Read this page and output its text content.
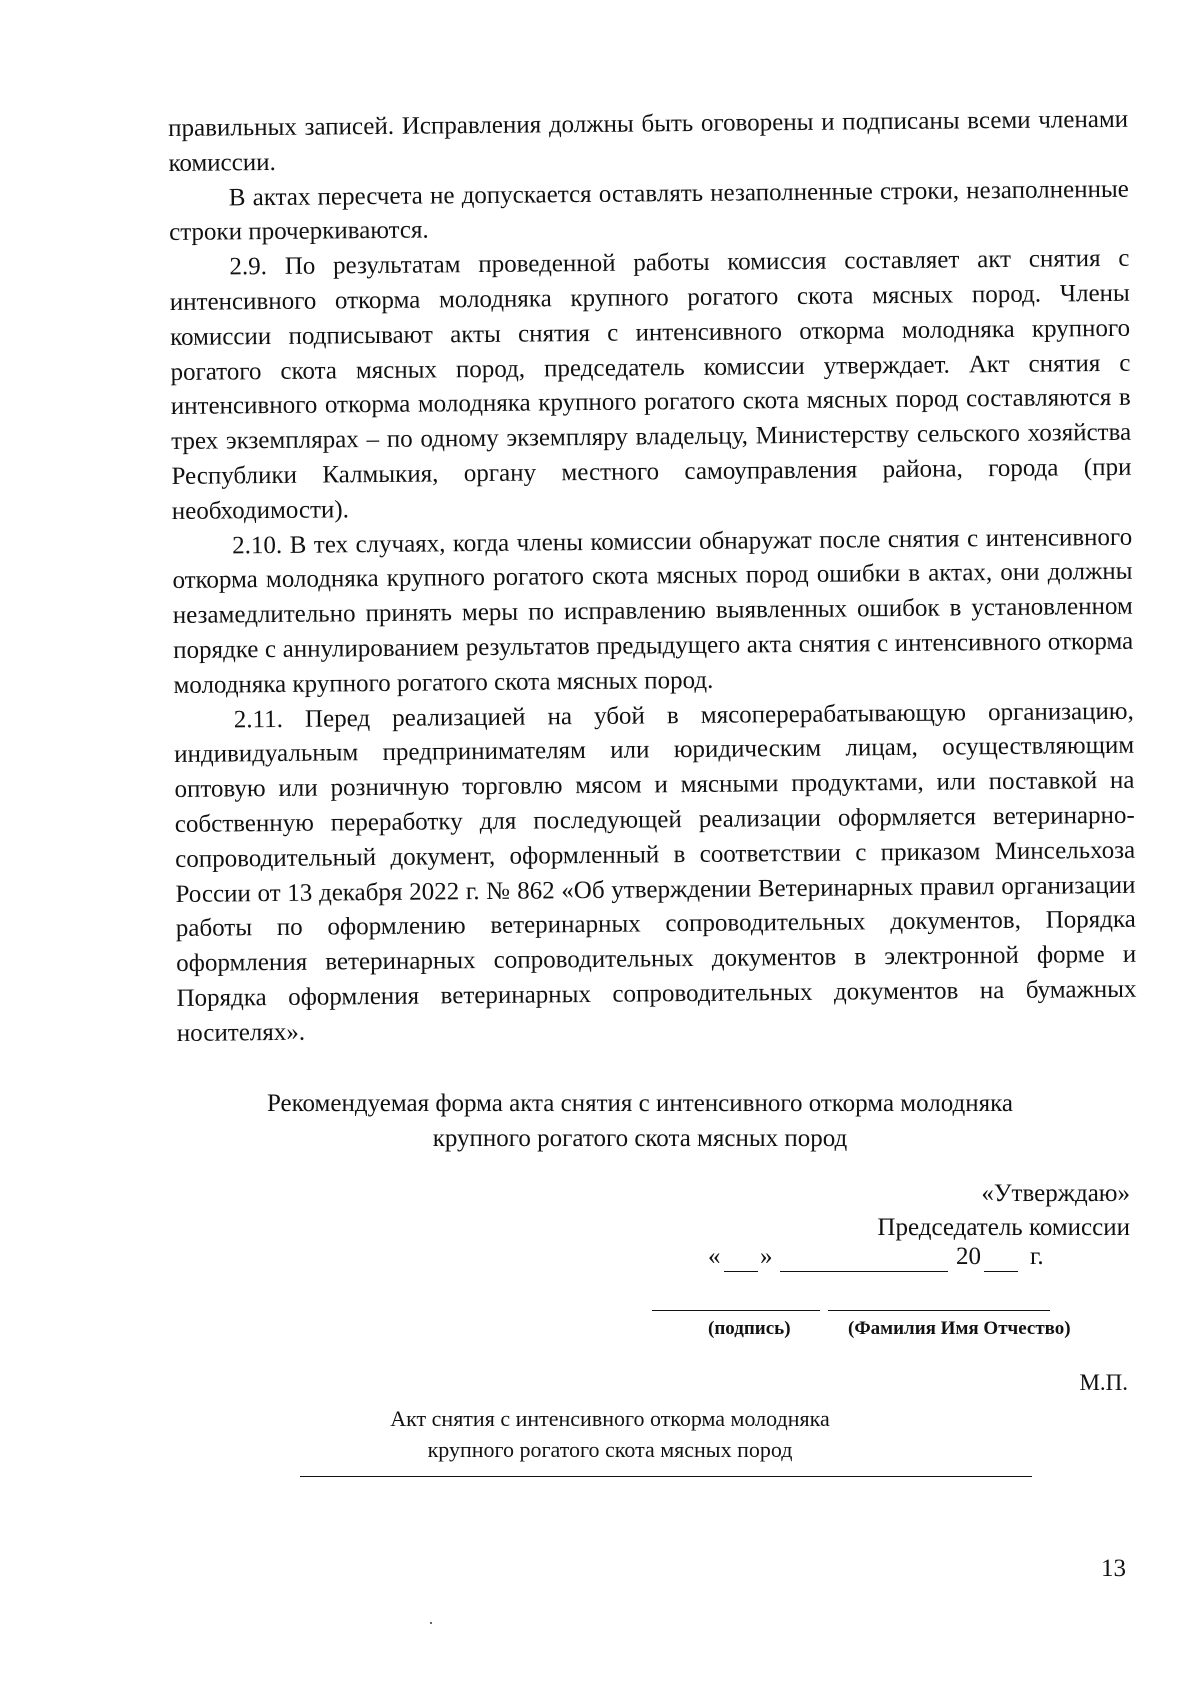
правильных записей. Исправления должны быть оговорены и подписаны всеми членами комиссии.

В актах пересчета не допускается оставлять незаполненные строки, незаполненные строки прочеркиваются.

2.9. По результатам проведенной работы комиссия составляет акт снятия с интенсивного откорма молодняка крупного рогатого скота мясных пород. Члены комиссии подписывают акты снятия с интенсивного откорма молодняка крупного рогатого скота мясных пород, председатель комиссии утверждает. Акт снятия с интенсивного откорма молодняка крупного рогатого скота мясных пород составляются в трех экземплярах – по одному экземпляру владельцу, Министерству сельского хозяйства Республики Калмыкия, органу местного самоуправления района, города (при необходимости).

2.10. В тех случаях, когда члены комиссии обнаружат после снятия с интенсивного откорма молодняка крупного рогатого скота мясных пород ошибки в актах, они должны незамедлительно принять меры по исправлению выявленных ошибок в установленном порядке с аннулированием результатов предыдущего акта снятия с интенсивного откорма молодняка крупного рогатого скота мясных пород.

2.11. Перед реализацией на убой в мясоперерабатывающую организацию, индивидуальным предпринимателям или юридическим лицам, осуществляющим оптовую или розничную торговлю мясом и мясными продуктами, или поставкой на собственную переработку для последующей реализации оформляется ветеринарно-сопроводительный документ, оформленный в соответствии с приказом Минсельхоза России от 13 декабря 2022 г. № 862 «Об утверждении Ветеринарных правил организации работы по оформлению ветеринарных сопроводительных документов, Порядка оформления ветеринарных сопроводительных документов в электронной форме и Порядка оформления ветеринарных сопроводительных документов на бумажных носителях».

Рекомендуемая форма акта снятия с интенсивного откорма молодняка
крупного рогатого скота мясных пород
«Утверждаю»
Председатель комиссии
« »	20 г.
(подпись)	(Фамилия Имя Отчество)
М.П.
Акт снятия с интенсивного откорма молодняка
крупного рогатого скота мясных пород
13
